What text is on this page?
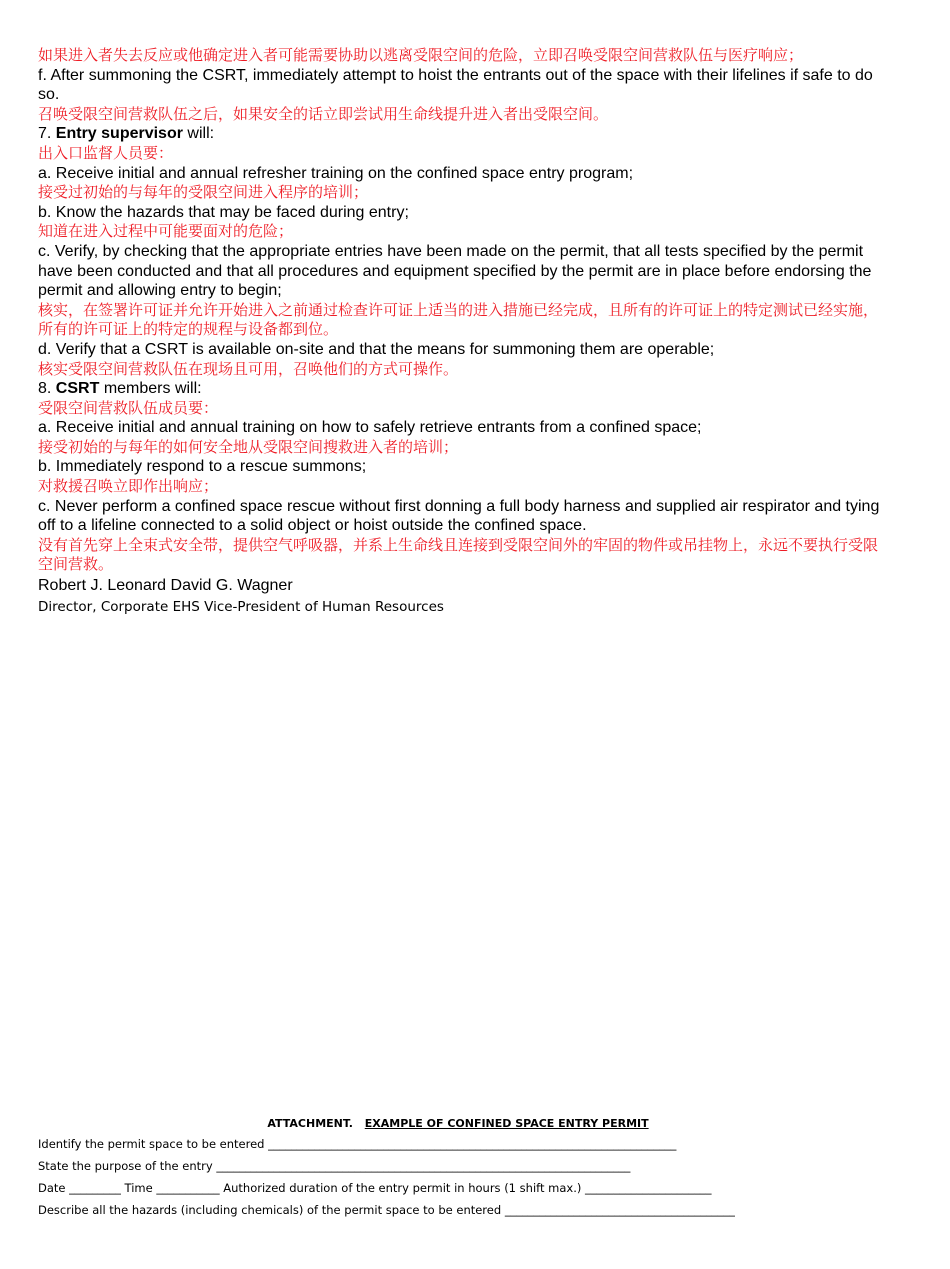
如果进入者失去反应或他确定进入者可能需要协助以逃离受限空间的危险，立即召唤受限空间营救队伍与医疗响应；

f. After summoning the CSRT, immediately attempt to hoist the entrants out of the space with their lifelines if safe to do so.

召唤受限空间营救队伍之后，如果安全的话立即尝试用生命线提升进入者出受限空间。

7. Entry supervisor will:

出入口监督人员要：

a. Receive initial and annual refresher training on the confined space entry program;

接受过初始的与每年的受限空间进入程序的培训；

b. Know the hazards that may be faced during entry;

知道在进入过程中可能要面对的危险；

c. Verify, by checking that the appropriate entries have been made on the permit, that all tests specified by the permit have been conducted and that all procedures and equipment specified by the permit are in place before endorsing the permit and allowing entry to begin;

核实，在签署许可证并允许开始进入之前通过检查许可证上适当的进入措施已经完成，且所有的许可证上的特定测试已经实施，所有的许可证上的特定的规程与设备都到位。

d. Verify that a CSRT is available on-site and that the means for summoning them are operable;

核实受限空间营救队伍在现场且可用，召唤他们的方式可操作。

8. CSRT members will:

受限空间营救队伍成员要：

a. Receive initial and annual training on how to safely retrieve entrants from a confined space;

接受初始的与每年的如何安全地从受限空间搜救进入者的培训；

b. Immediately respond to a rescue summons;

对救援召唤立即作出响应；

c. Never perform a confined space rescue without first donning a full body harness and supplied air respirator and tying off to a lifeline connected to a solid object or hoist outside the confined space.

没有首先穿上全束式安全带，提供空气呼吸器，并系上生命线且连接到受限空间外的牢固的物件或吊挂物上，永远不要执行受限空间营救。

Robert J. Leonard David G. Wagner

Director, Corporate EHS Vice-President of Human Resources

ATTACHMENT. EXAMPLE OF CONFINED SPACE ENTRY PERMIT
Identify the permit space to be entered _______________________________________________________________________
State the purpose of the entry ________________________________________________________________________
Date _________ Time ___________ Authorized duration of the entry permit in hours (1 shift max.) ______________________
Describe all the hazards (including chemicals) of the permit space to be entered ________________________________________
